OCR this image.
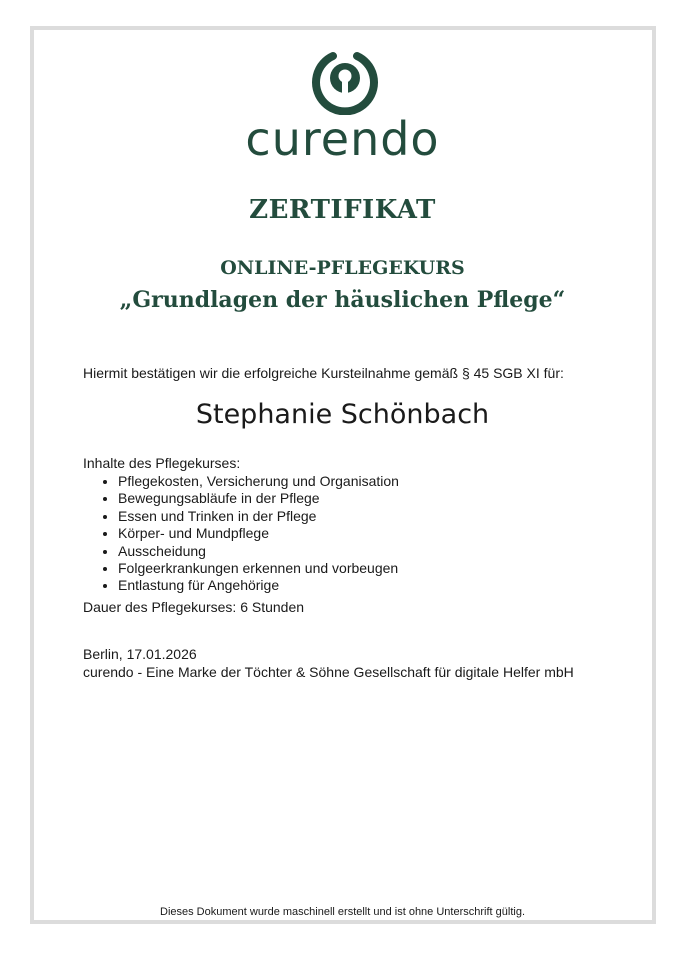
curendo
ZERTIFIKAT
ONLINE-PFLEGEKURS
„Grundlagen der häuslichen Pflege“
Hiermit bestätigen wir die erfolgreiche Kursteilnahme gemäß § 45 SGB XI für:
Stephanie Schönbach
Inhalte des Pflegekurses:
• Pflegekosten, Versicherung und Organisation
• Bewegungsabläufe in der Pflege
• Essen und Trinken in der Pflege
• Körper- und Mundpflege
• Ausscheidung
• Folgeerkrankungen erkennen und vorbeugen
• Entlastung für Angehörige
Dauer des Pflegekurses: 6 Stunden
Berlin, 17.01.2026
curendo - Eine Marke der Töchter & Söhne Gesellschaft für digitale Helfer mbH
Dieses Dokument wurde maschinell erstellt und ist ohne Unterschrift gültig.
